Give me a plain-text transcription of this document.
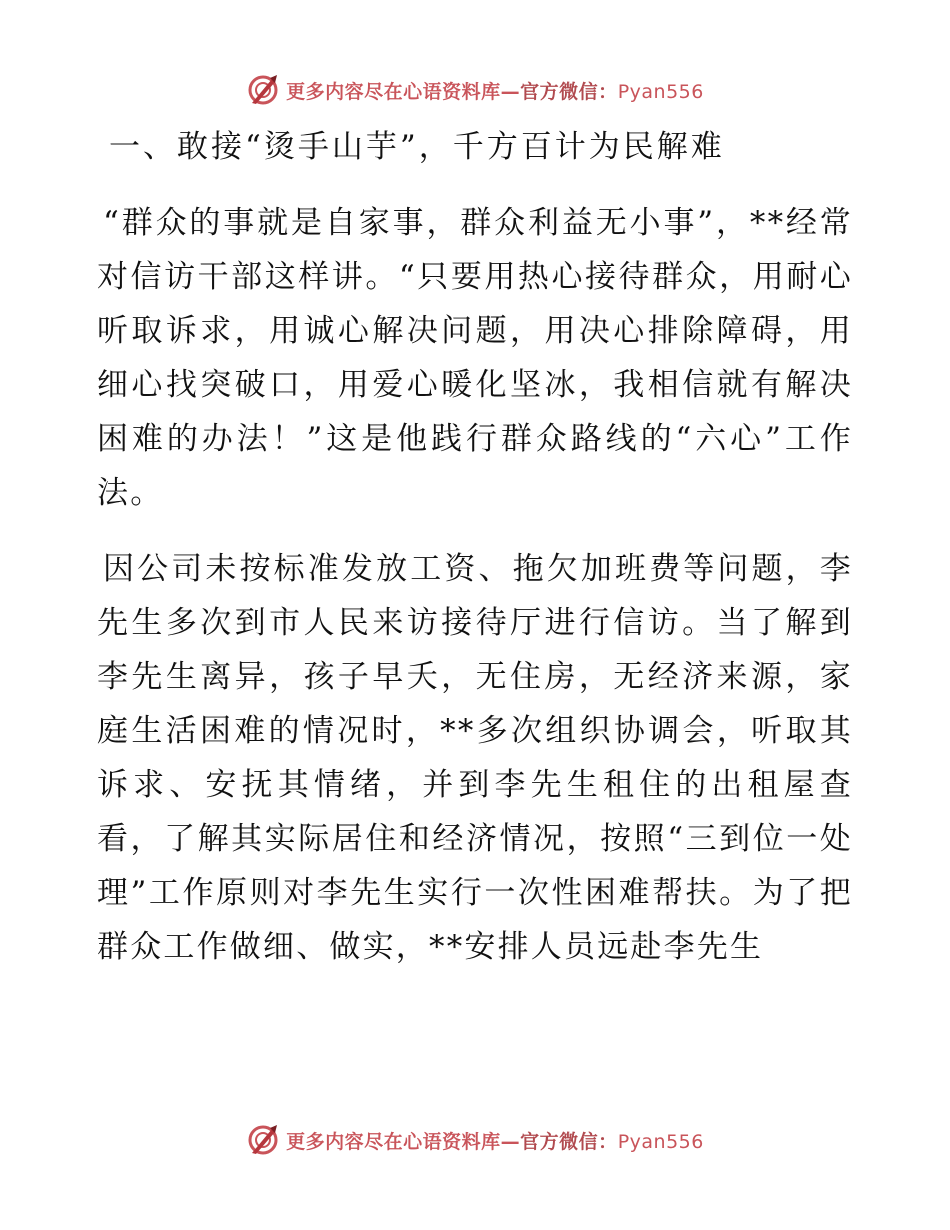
更多内容尽在心语资料库—官方微信：Pyan556
一、敢接“烫手山芋”，千方百计为民解难

“群众的事就是自家事，群众利益无小事”，**经常对信访干部这样讲。“只要用热心接待群众，用耐心听取诉求，用诚心解决问题，用决心排除障碍，用细心找突破口，用爱心暖化坚冰，我相信就有解决困难的办法！”这是他践行群众路线的“六心”工作法。

因公司未按标准发放工资、拖欠加班费等问题，李先生多次到市人民来访接待厅进行信访。当了解到李先生离异，孩子早夭，无住房，无经济来源，家庭生活困难的情况时，**多次组织协调会，听取其诉求、安抚其情绪，并到李先生租住的出租屋查看，了解其实际居住和经济情况，按照“三到位一处理”工作原则对李先生实行一次性困难帮扶。为了把群众工作做细、做实，**安排人员远赴李先生

更多内容尽在心语资料库—官方微信：Pyan556
